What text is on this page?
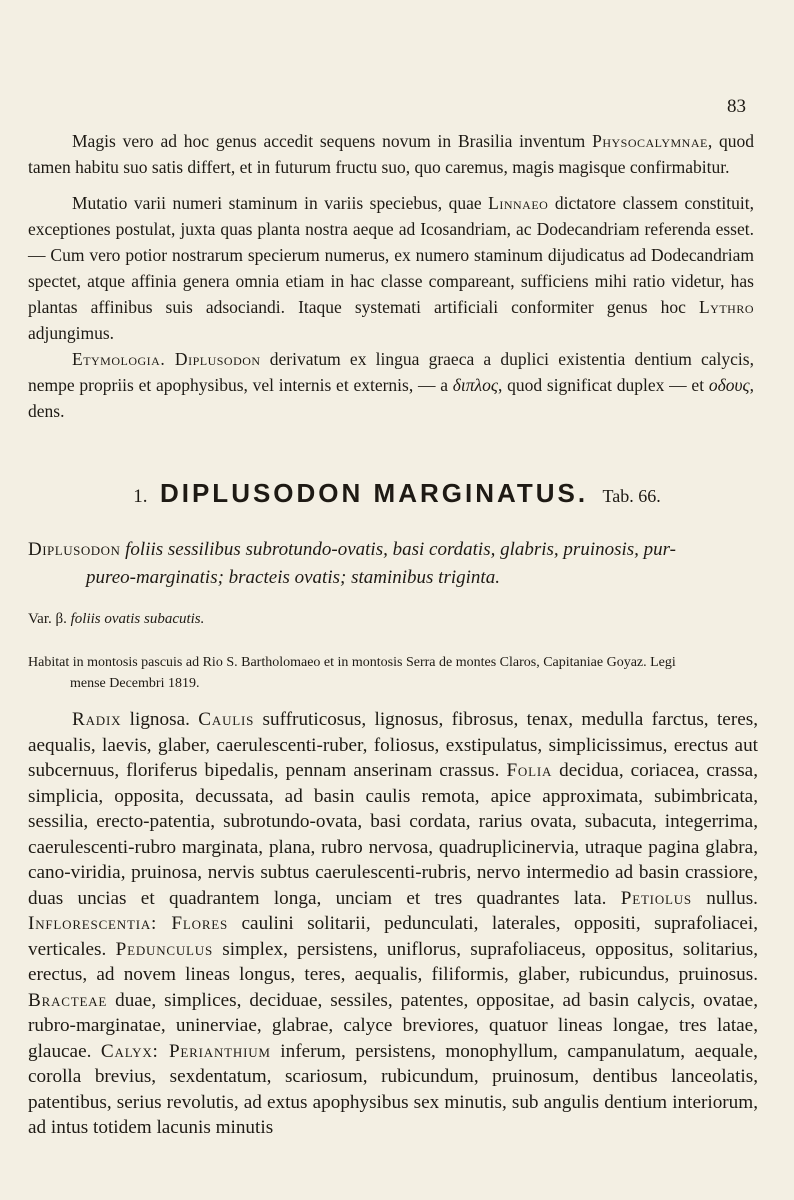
83

Magis vero ad hoc genus accedit sequens novum in Brasilia inventum Physocalymnae, quod tamen habitu suo satis differt, et in futurum fructu suo, quo caremus, magis magisque confirmabitur.

Mutatio varii numeri staminum in variis speciebus, quae Linnaeo dictatore classem constituit, exceptiones postulat, juxta quas planta nostra aeque ad Icosandriam, ac Dodecandriam referenda esset. — Cum vero potior nostrarum specierum numerus, ex numero staminum dijudicatus ad Dodecandriam spectet, atque affinia genera omnia etiam in hac classe compareant, sufficiens mihi ratio videtur, has plantas affinibus suis adsociandi. Itaque systemati artificiali conformiter genus hoc Lythro adjungimus.

Etymologia. Diplusodon derivatum ex lingua graeca a duplici existentia dentium calycis, nempe propriis et apophysibus, vel internis et externis, — a διπλος, quod significat duplex — et οδους, dens.

1. DIPLUSODON MARGINATUS. Tab. 66.
Diplusodon foliis sessilibus subrotundo-ovatis, basi cordatis, glabris, pruinosis, pur-
pureo-marginatis; bracteis ovatis; staminibus triginta.
Var. β. foliis ovatis subacutis.
Habitat in montosis pascuis ad Rio S. Bartholomaeo et in montosis Serra de montes Claros, Capitaniae Goyaz. Legi
mense Decembri 1819.
Radix lignosa. Caulis suffruticosus, lignosus, fibrosus, tenax, medulla farctus, teres, aequalis, laevis, glaber, caerulescenti-ruber, foliosus, exstipulatus, simplicissimus, erectus aut subcernuus, floriferus bipedalis, pennam anserinam crassus. Folia decidua, coriacea, crassa, simplicia, opposita, decussata, ad basin caulis remota, apice approximata, subimbricata, sessilia, erecto-patentia, subrotundo-ovata, basi cordata, rarius ovata, subacuta, integerrima, caerulescenti-rubro marginata, plana, rubro nervosa, quadruplicinervia, utraque pagina glabra, cano-viridia, pruinosa, nervis subtus caerulescenti-rubris, nervo intermedio ad basin crassiore, duas uncias et quadrantem longa, unciam et tres quadrantes lata. Petiolus nullus. Inflorescentia: Flores caulini solitarii, pedunculati, laterales, oppositi, suprafoliacei, verticales. Pedunculus simplex, persistens, uniflorus, suprafoliaceus, oppositus, solitarius, erectus, ad novem lineas longus, teres, aequalis, filiformis, glaber, rubicundus, pruinosus. Bracteae duae, simplices, deciduae, sessiles, patentes, oppositae, ad basin calycis, ovatae, rubro-marginatae, uninerviae, glabrae, calyce breviores, quatuor lineas longae, tres latae, glaucae. Calyx: Perianthium inferum, persistens, monophyllum, campanulatum, aequale, corolla brevius, sexdentatum, scariosum, rubicundum, pruinosum, dentibus lanceolatis, patentibus, serius revolutis, ad extus apophysibus sex minutis, sub angulis dentium interiorum, ad intus totidem lacunis minutis
